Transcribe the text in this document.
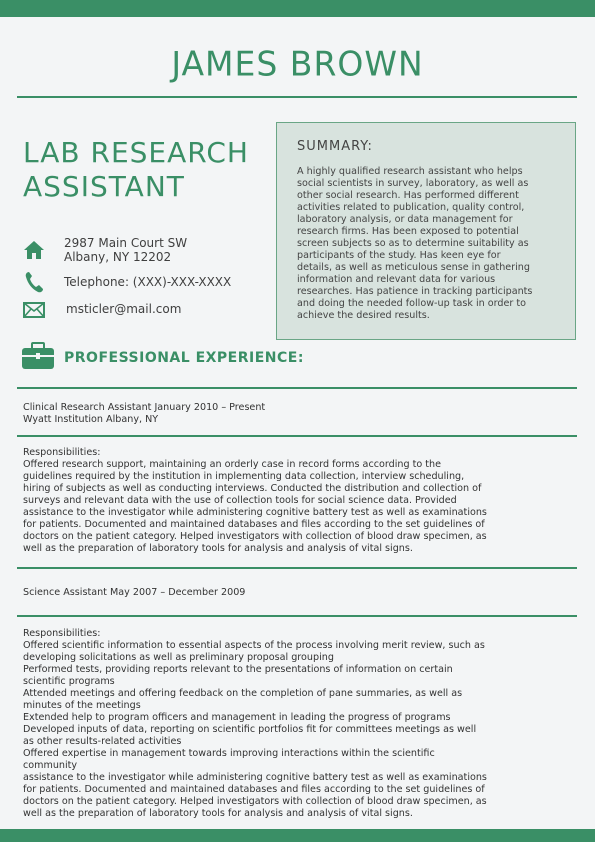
JAMES BROWN
LAB RESEARCH
ASSISTANT
2987 Main Court SW
Albany, NY 12202
Telephone: (XXX)-XXX-XXXX
msticler@mail.com
SUMMARY:
A highly qualified research assistant who helps
social scientists in survey, laboratory, as well as
other social research. Has performed different
activities related to publication, quality control,
laboratory analysis, or data management for
research firms. Has been exposed to potential
screen subjects so as to determine suitability as
participants of the study. Has keen eye for
details, as well as meticulous sense in gathering
information and relevant data for various
researches. Has patience in tracking participants
and doing the needed follow-up task in order to
achieve the desired results.
PROFESSIONAL EXPERIENCE:
Clinical Research Assistant January 2010 – Present
Wyatt Institution Albany, NY
Responsibilities:
Offered research support, maintaining an orderly case in record forms according to the
guidelines required by the institution in implementing data collection, interview scheduling,
hiring of subjects as well as conducting interviews. Conducted the distribution and collection of
surveys and relevant data with the use of collection tools for social science data. Provided
assistance to the investigator while administering cognitive battery test as well as examinations
for patients. Documented and maintained databases and files according to the set guidelines of
doctors on the patient category. Helped investigators with collection of blood draw specimen, as
well as the preparation of laboratory tools for analysis and analysis of vital signs.
Science Assistant May 2007 – December 2009
Responsibilities:
Offered scientific information to essential aspects of the process involving merit review, such as
developing solicitations as well as preliminary proposal grouping
Performed tests, providing reports relevant to the presentations of information on certain
scientific programs
Attended meetings and offering feedback on the completion of pane summaries, as well as
minutes of the meetings
Extended help to program officers and management in leading the progress of programs
Developed inputs of data, reporting on scientific portfolios fit for committees meetings as well
as other results-related activities
Offered expertise in management towards improving interactions within the scientific
community
assistance to the investigator while administering cognitive battery test as well as examinations
for patients. Documented and maintained databases and files according to the set guidelines of
doctors on the patient category. Helped investigators with collection of blood draw specimen, as
well as the preparation of laboratory tools for analysis and analysis of vital signs.
